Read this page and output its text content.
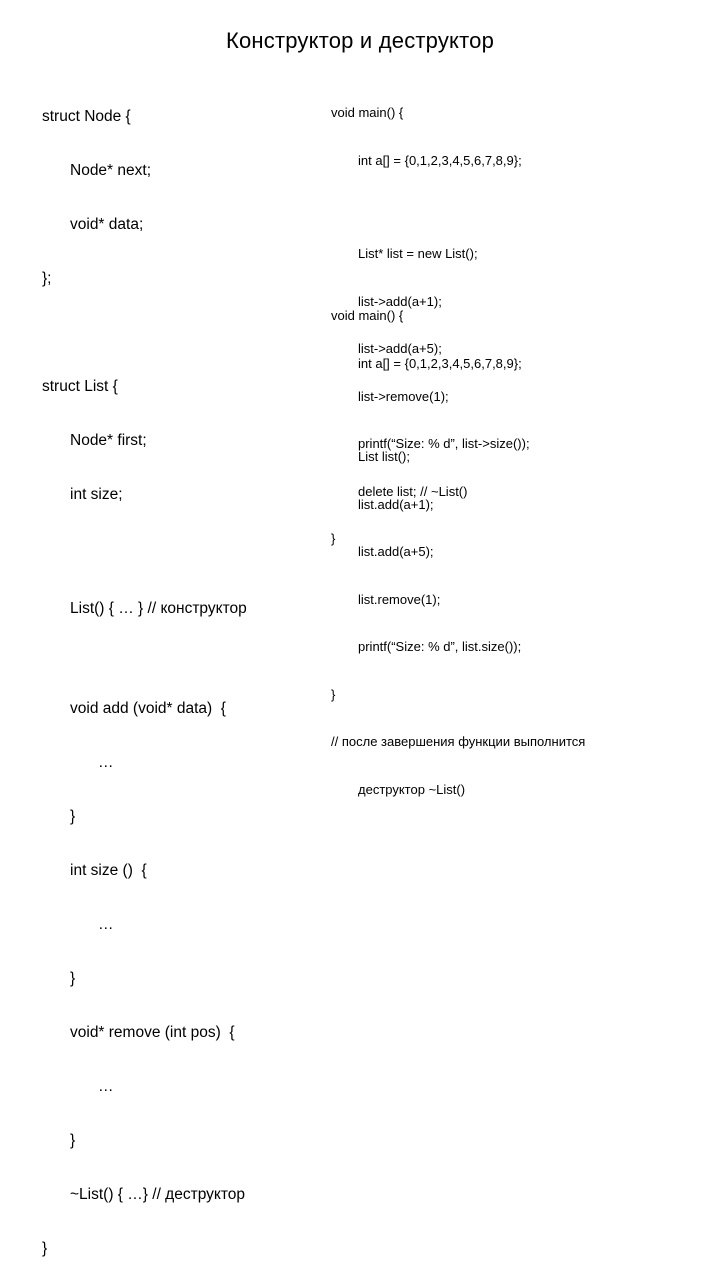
Конструктор и деструктор

struct Node {

Node* next;

void* data;

};

struct List {

Node* first;

int size;

List() { … } // конструктор

void add (void* data)  {

…

}

int size ()  {

…

}

void* remove (int pos)  {

…

}

~List() { …} // деструктор

}

void main() {

int a[] = {0,1,2,3,4,5,6,7,8,9};

List* list = new List();

list->add(a+1);

list->add(a+5);

list->remove(1);

printf(“Size: % d”, list->size());

delete list; // ~List()

}

void main() {

int a[] = {0,1,2,3,4,5,6,7,8,9};

List list();

list.add(a+1);

list.add(a+5);

list.remove(1);

printf(“Size: % d”, list.size());

}

// после завершения функции выполнится

деструктор ~List()
